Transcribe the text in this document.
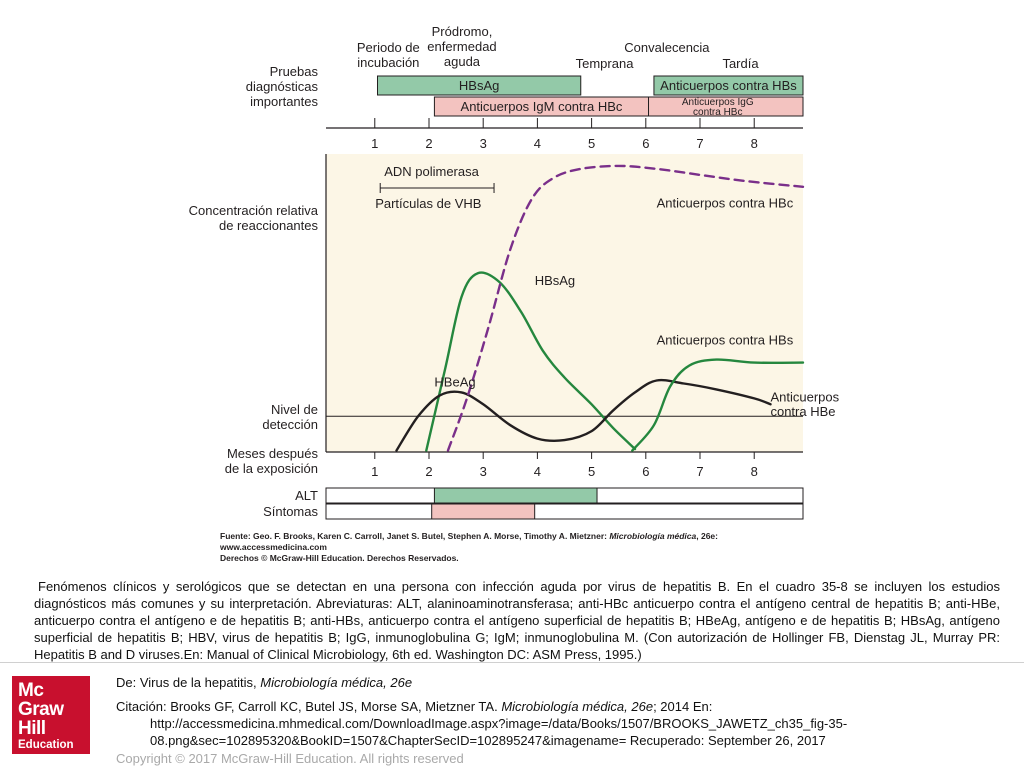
Periodo de incubación
Pródromo, enfermedad aguda
Convalecencia
Temprana	Tardía
Pruebas diagnósticas importantes
Concentración relativa de reaccionantes
Nivel de detección
Meses después de la exposición
HBsAg	Anticuerpos contra HBs
Anticuerpos IgM contra HBc	Anticuerpos IgG contra HBc
1	2	3	4	5	6	7	8
1	2	3	4	5	6	7	8
ADN polimerasa
Partículas de VHB	Anticuerpos contra HBc
HBsAg
Anticuerpos contra HBs
HBeAg
Anticuerpos
contra HBe
ALT
Síntomas
Fuente: Geo. F. Brooks, Karen C. Carroll, Janet S. Butel, Stephen A. Morse, Timothy A. Mietzner: Microbiología médica, 26e:
www.accessmedicina.com
Derechos © McGraw-Hill Education. Derechos Reservados.

Fenómenos clínicos y serológicos que se detectan en una persona con infección aguda por virus de hepatitis B. En el cuadro 35-8 se incluyen los estudios diagnósticos más comunes y su interpretación. Abreviaturas: ALT, alaninoaminotransferasa; anti-HBc anticuerpo contra el antígeno central de hepatitis B; anti-HBe, anticuerpo contra el antígeno e de hepatitis B; anti-HBs, anticuerpo contra el antígeno superficial de hepatitis B; HBeAg, antígeno e de hepatitis B; HBsAg, antígeno superficial de hepatitis B; HBV, virus de hepatitis B; IgG, inmunoglobulina G; IgM; inmunoglobulina M. (Con autorización de Hollinger FB, Dienstag JL, Murray PR: Hepatitis B and D viruses.En: Manual of Clinical Microbiology, 6th ed. Washington DC: ASM Press, 1995.)

Mc
Graw
Hill
Education
De: Virus de la hepatitis, Microbiología médica, 26e
Citación: Brooks GF, Carroll KC, Butel JS, Morse SA, Mietzner TA. Microbiología médica, 26e; 2014 En:
http://accessmedicina.mhmedical.com/DownloadImage.aspx?image=/data/Books/1507/BROOKS_JAWETZ_ch35_fig-35-
08.png&sec=102895320&BookID=1507&ChapterSecID=102895247&imagename= Recuperado: September 26, 2017
Copyright © 2017 McGraw-Hill Education. All rights reserved
